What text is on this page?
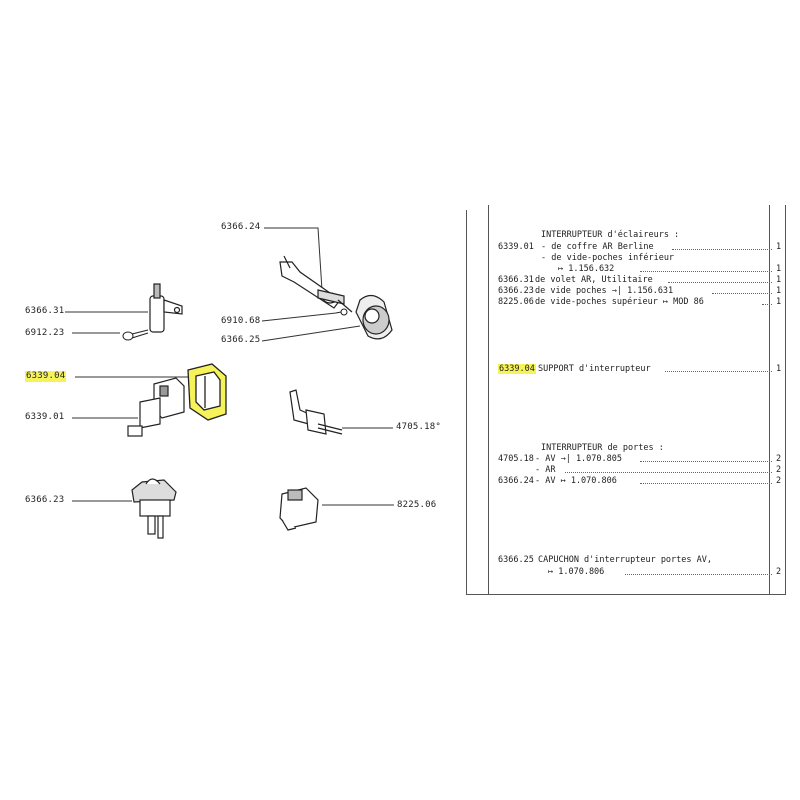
6366.24
6366.31
6912.23
6910.68
6366.25
6339.04
6339.01
4705.18°
6366.23	8225.06
INTERRUPTEUR d'éclaireurs :
6339.01 - de coffre AR Berline	1
- de vide-poches inférieur
↦ 1.156.632	1
6366.31 de volet AR, Utilitaire	1
6366.23 de vide poches →| 1.156.631	1
8225.06 de vide-poches supérieur ↦ MOD 86	1
6339.04 SUPPORT d'interrupteur	1
INTERRUPTEUR de portes :
4705.18 - AV →| 1.070.805	2
- AR	2
6366.24 - AV ↦ 1.070.806	2
6366.25 CAPUCHON d'interrupteur portes AV,
↦ 1.070.806	2
